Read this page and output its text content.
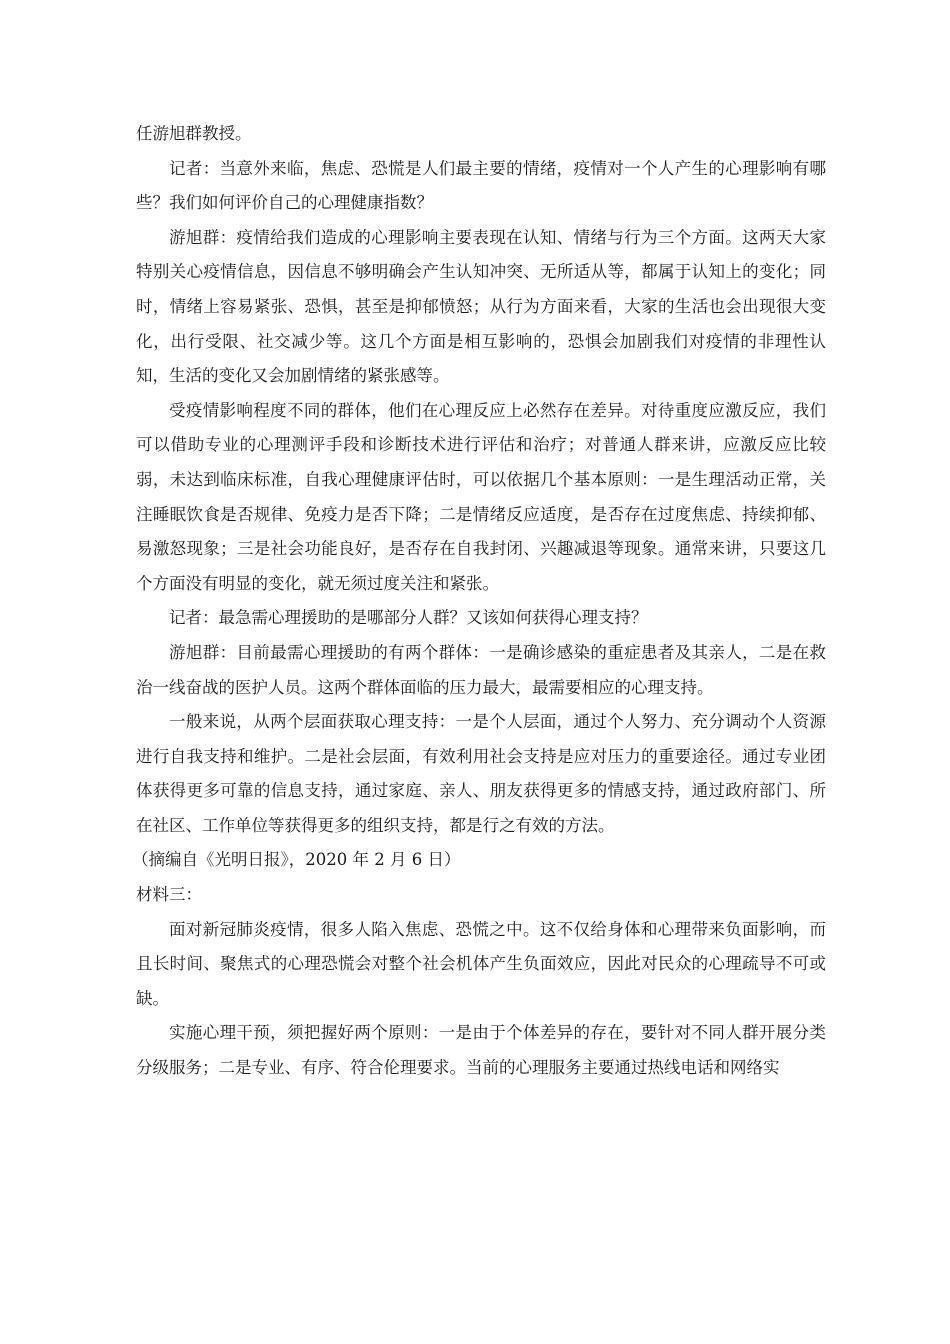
任游旭群教授。

记者：当意外来临，焦虑、恐慌是人们最主要的情绪，疫情对一个人产生的心理影响有哪些？我们如何评价自己的心理健康指数？

游旭群：疫情给我们造成的心理影响主要表现在认知、情绪与行为三个方面。这两天大家特别关心疫情信息，因信息不够明确会产生认知冲突、无所适从等，都属于认知上的变化；同时，情绪上容易紧张、恐惧，甚至是抑郁愤怒；从行为方面来看，大家的生活也会出现很大变化，出行受限、社交减少等。这几个方面是相互影响的，恐惧会加剧我们对疫情的非理性认知，生活的变化又会加剧情绪的紧张感等。

受疫情影响程度不同的群体，他们在心理反应上必然存在差异。对待重度应激反应，我们可以借助专业的心理测评手段和诊断技术进行评估和治疗；对普通人群来讲，应激反应比较弱，未达到临床标准，自我心理健康评估时，可以依据几个基本原则：一是生理活动正常，关注睡眠饮食是否规律、免疫力是否下降；二是情绪反应适度，是否存在过度焦虑、持续抑郁、易激怒现象；三是社会功能良好，是否存在自我封闭、兴趣减退等现象。通常来讲，只要这几个方面没有明显的变化，就无须过度关注和紧张。

记者：最急需心理援助的是哪部分人群？又该如何获得心理支持？

游旭群：目前最需心理援助的有两个群体：一是确诊感染的重症患者及其亲人，二是在救治一线奋战的医护人员。这两个群体面临的压力最大，最需要相应的心理支持。

一般来说，从两个层面获取心理支持：一是个人层面，通过个人努力、充分调动个人资源进行自我支持和维护。二是社会层面，有效利用社会支持是应对压力的重要途径。通过专业团体获得更多可靠的信息支持，通过家庭、亲人、朋友获得更多的情感支持，通过政府部门、所在社区、工作单位等获得更多的组织支持，都是行之有效的方法。

（摘编自《光明日报》，2020 年 2 月 6 日）

材料三：

面对新冠肺炎疫情，很多人陷入焦虑、恐慌之中。这不仅给身体和心理带来负面影响，而且长时间、聚焦式的心理恐慌会对整个社会机体产生负面效应，因此对民众的心理疏导不可或缺。

实施心理干预，须把握好两个原则：一是由于个体差异的存在，要针对不同人群开展分类分级服务；二是专业、有序、符合伦理要求。当前的心理服务主要通过热线电话和网络实
